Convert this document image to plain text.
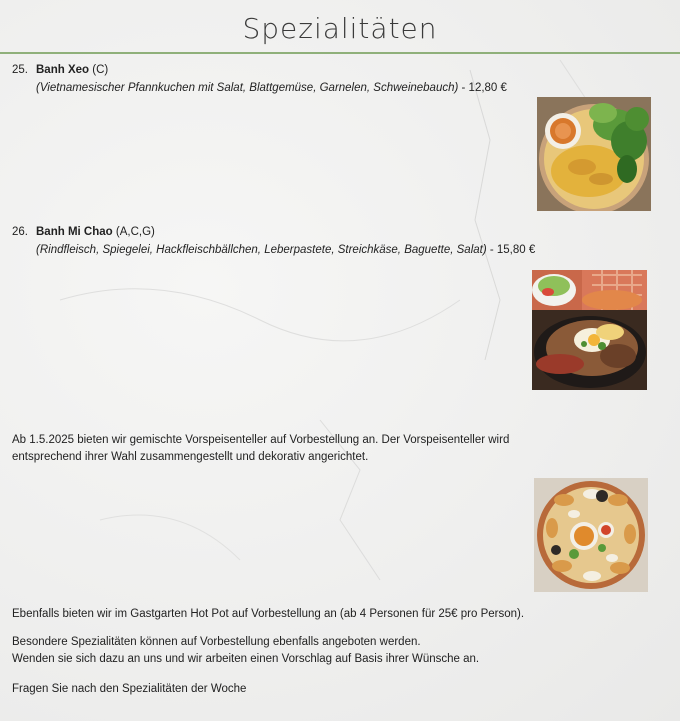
Spezialitäten
25. Banh Xeo (C)
(Vietnamesischer Pfannkuchen mit Salat, Blattgemüse, Garnelen, Schweinebauch) - 12,80 €
26. Banh Mi Chao (A,C,G)
(Rindfleisch, Spiegelei, Hackfleischbällchen, Leberpastete, Streichkäse, Baguette, Salat) - 15,80 €
Ab 1.5.2025 bieten wir gemischte Vorspeisenteller auf Vorbestellung an. Der Vorspeisenteller wird
entsprechend ihrer Wahl zusammengestellt und dekorativ angerichtet.
Ebenfalls bieten wir im Gastgarten Hot Pot auf Vorbestellung an (ab 4 Personen für 25€ pro Person).
Besondere Spezialitäten können auf Vorbestellung ebenfalls angeboten werden.
Wenden sie sich dazu an uns und wir arbeiten einen Vorschlag auf Basis ihrer Wünsche an.
Fragen Sie nach den Spezialitäten der Woche
